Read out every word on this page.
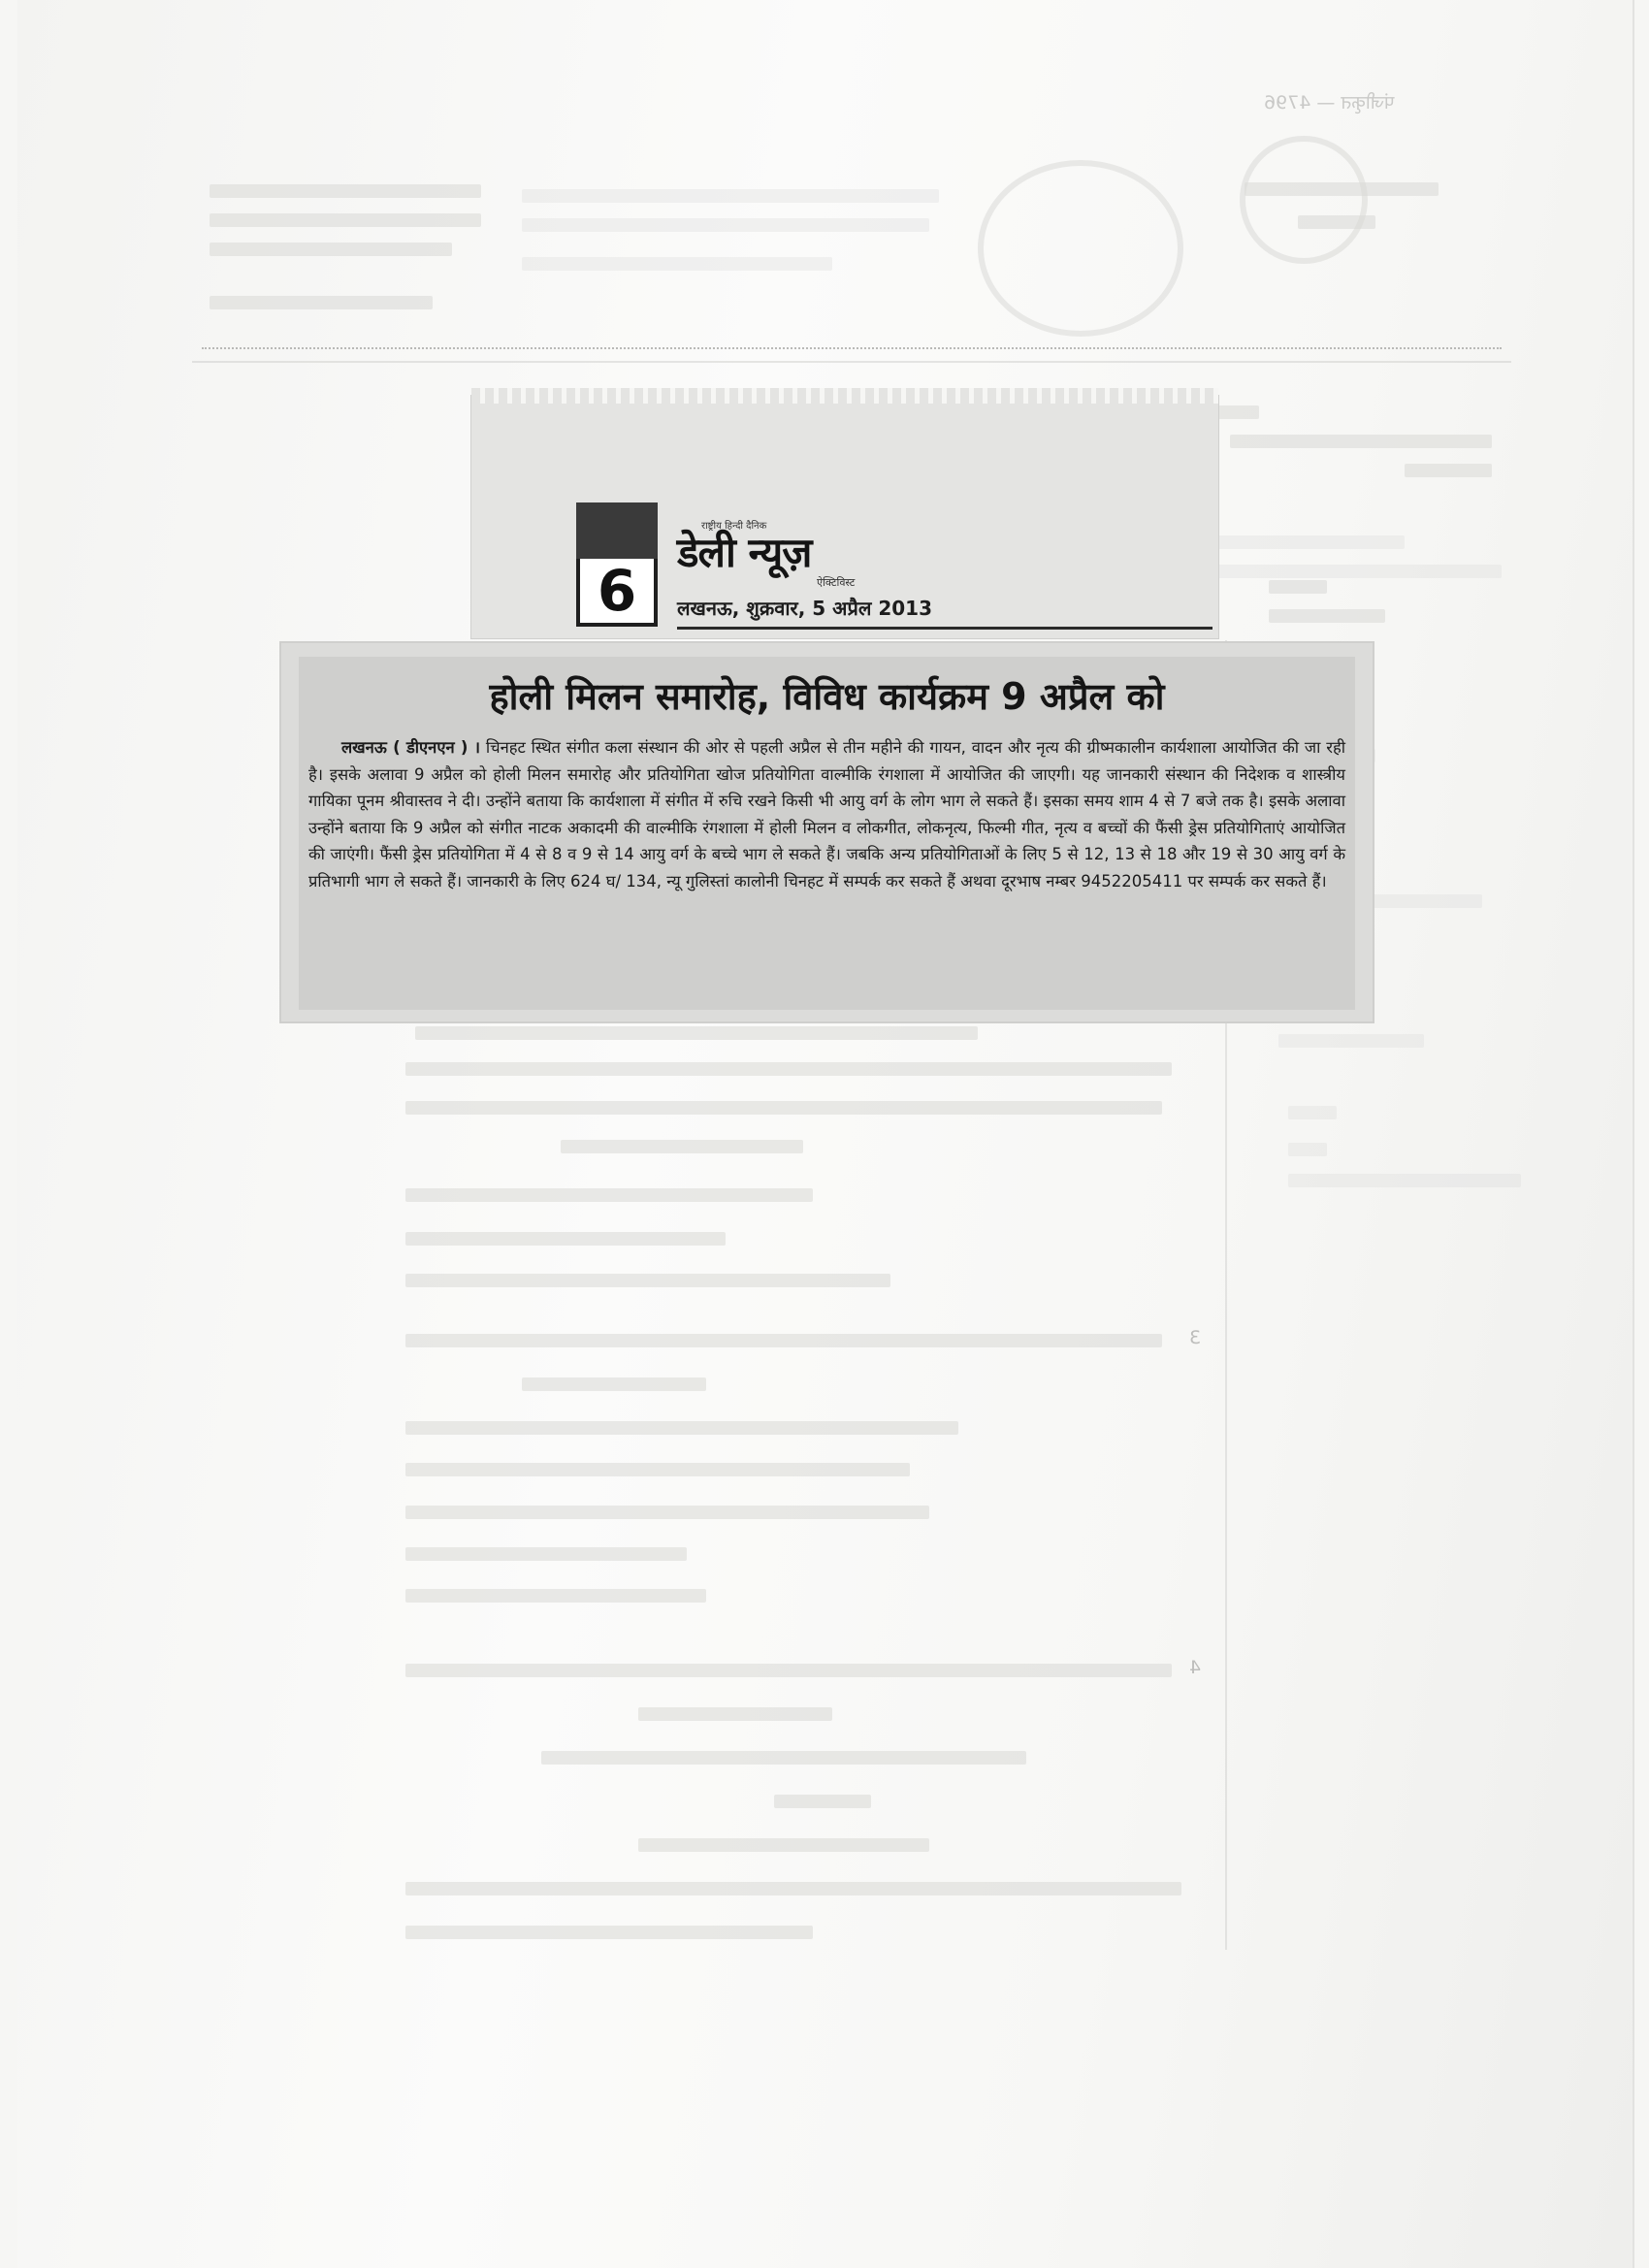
पंजीकृत — 4796
3
4
6
राष्ट्रीय हिन्दी दैनिक
डेली न्यूज़
ऐक्टिविस्ट
लखनऊ, शुक्रवार, 5 अप्रैल 2013
होली मिलन समारोह, विविध कार्यक्रम 9 अप्रैल को
लखनऊ ( डीएनएन ) । चिनहट स्थित संगीत कला संस्थान की ओर से पहली अप्रैल से तीन महीने की गायन, वादन और नृत्य की ग्रीष्मकालीन कार्यशाला आयोजित की जा रही है। इसके अलावा 9 अप्रैल को होली मिलन समारोह और प्रतियोगिता खोज प्रतियोगिता वाल्मीकि रंगशाला में आयोजित की जाएगी। यह जानकारी संस्थान की निदेशक व शास्त्रीय गायिका पूनम श्रीवास्तव ने दी। उन्होंने बताया कि कार्यशाला में संगीत में रुचि रखने किसी भी आयु वर्ग के लोग भाग ले सकते हैं। इसका समय शाम 4 से 7 बजे तक है। इसके अलावा उन्होंने बताया कि 9 अप्रैल को संगीत नाटक अकादमी की वाल्मीकि रंगशाला में होली मिलन व लोकगीत, लोकनृत्य, फिल्मी गीत, नृत्य व बच्चों की फैंसी ड्रेस प्रतियोगिताएं आयोजित की जाएंगी। फैंसी ड्रेस प्रतियोगिता में 4 से 8 व 9 से 14 आयु वर्ग के बच्चे भाग ले सकते हैं। जबकि अन्य प्रतियोगिताओं के लिए 5 से 12, 13 से 18 और 19 से 30 आयु वर्ग के प्रतिभागी भाग ले सकते हैं। जानकारी के लिए 624 घ/ 134, न्यू गुलिस्तां कालोनी चिनहट में सम्पर्क कर सकते हैं अथवा दूरभाष नम्बर 9452205411 पर सम्पर्क कर सकते हैं।
